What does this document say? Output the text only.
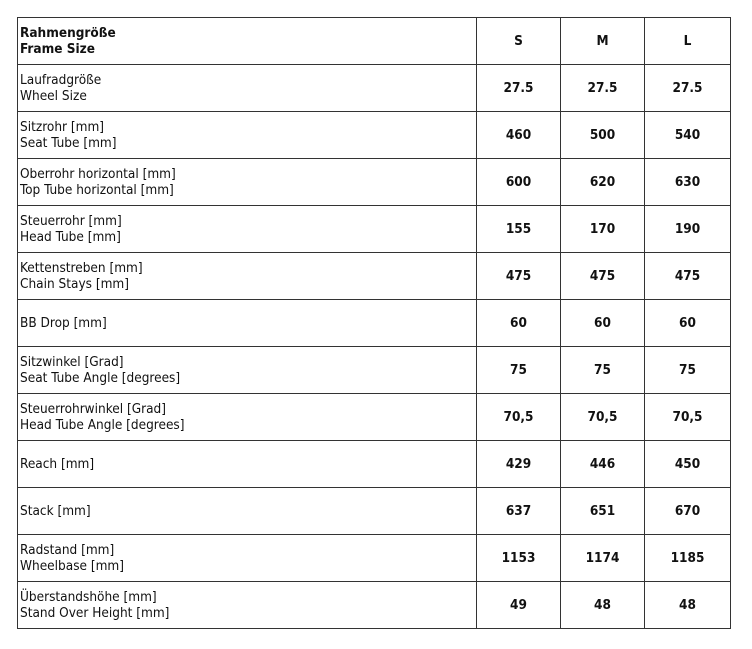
Rahmengröße
Frame Size	S	M	L

Laufradgröße
Wheel Size	27.5	27.5	27.5

Sitzrohr [mm]
Seat Tube [mm]	460	500	540

Oberrohr horizontal [mm]
Top Tube horizontal [mm]	600	620	630

Steuerrohr [mm]
Head Tube [mm]	155	170	190

Kettenstreben [mm]
Chain Stays [mm]	475	475	475

BB Drop [mm]	60	60	60

Sitzwinkel [Grad]
Seat Tube Angle [degrees]	75	75	75

Steuerrohrwinkel [Grad]
Head Tube Angle [degrees]	70,5	70,5	70,5

Reach [mm]	429	446	450

Stack [mm]	637	651	670

Radstand [mm]
Wheelbase [mm]	1153	1174	1185

Überstandshöhe [mm]
Stand Over Height [mm]	49	48	48
